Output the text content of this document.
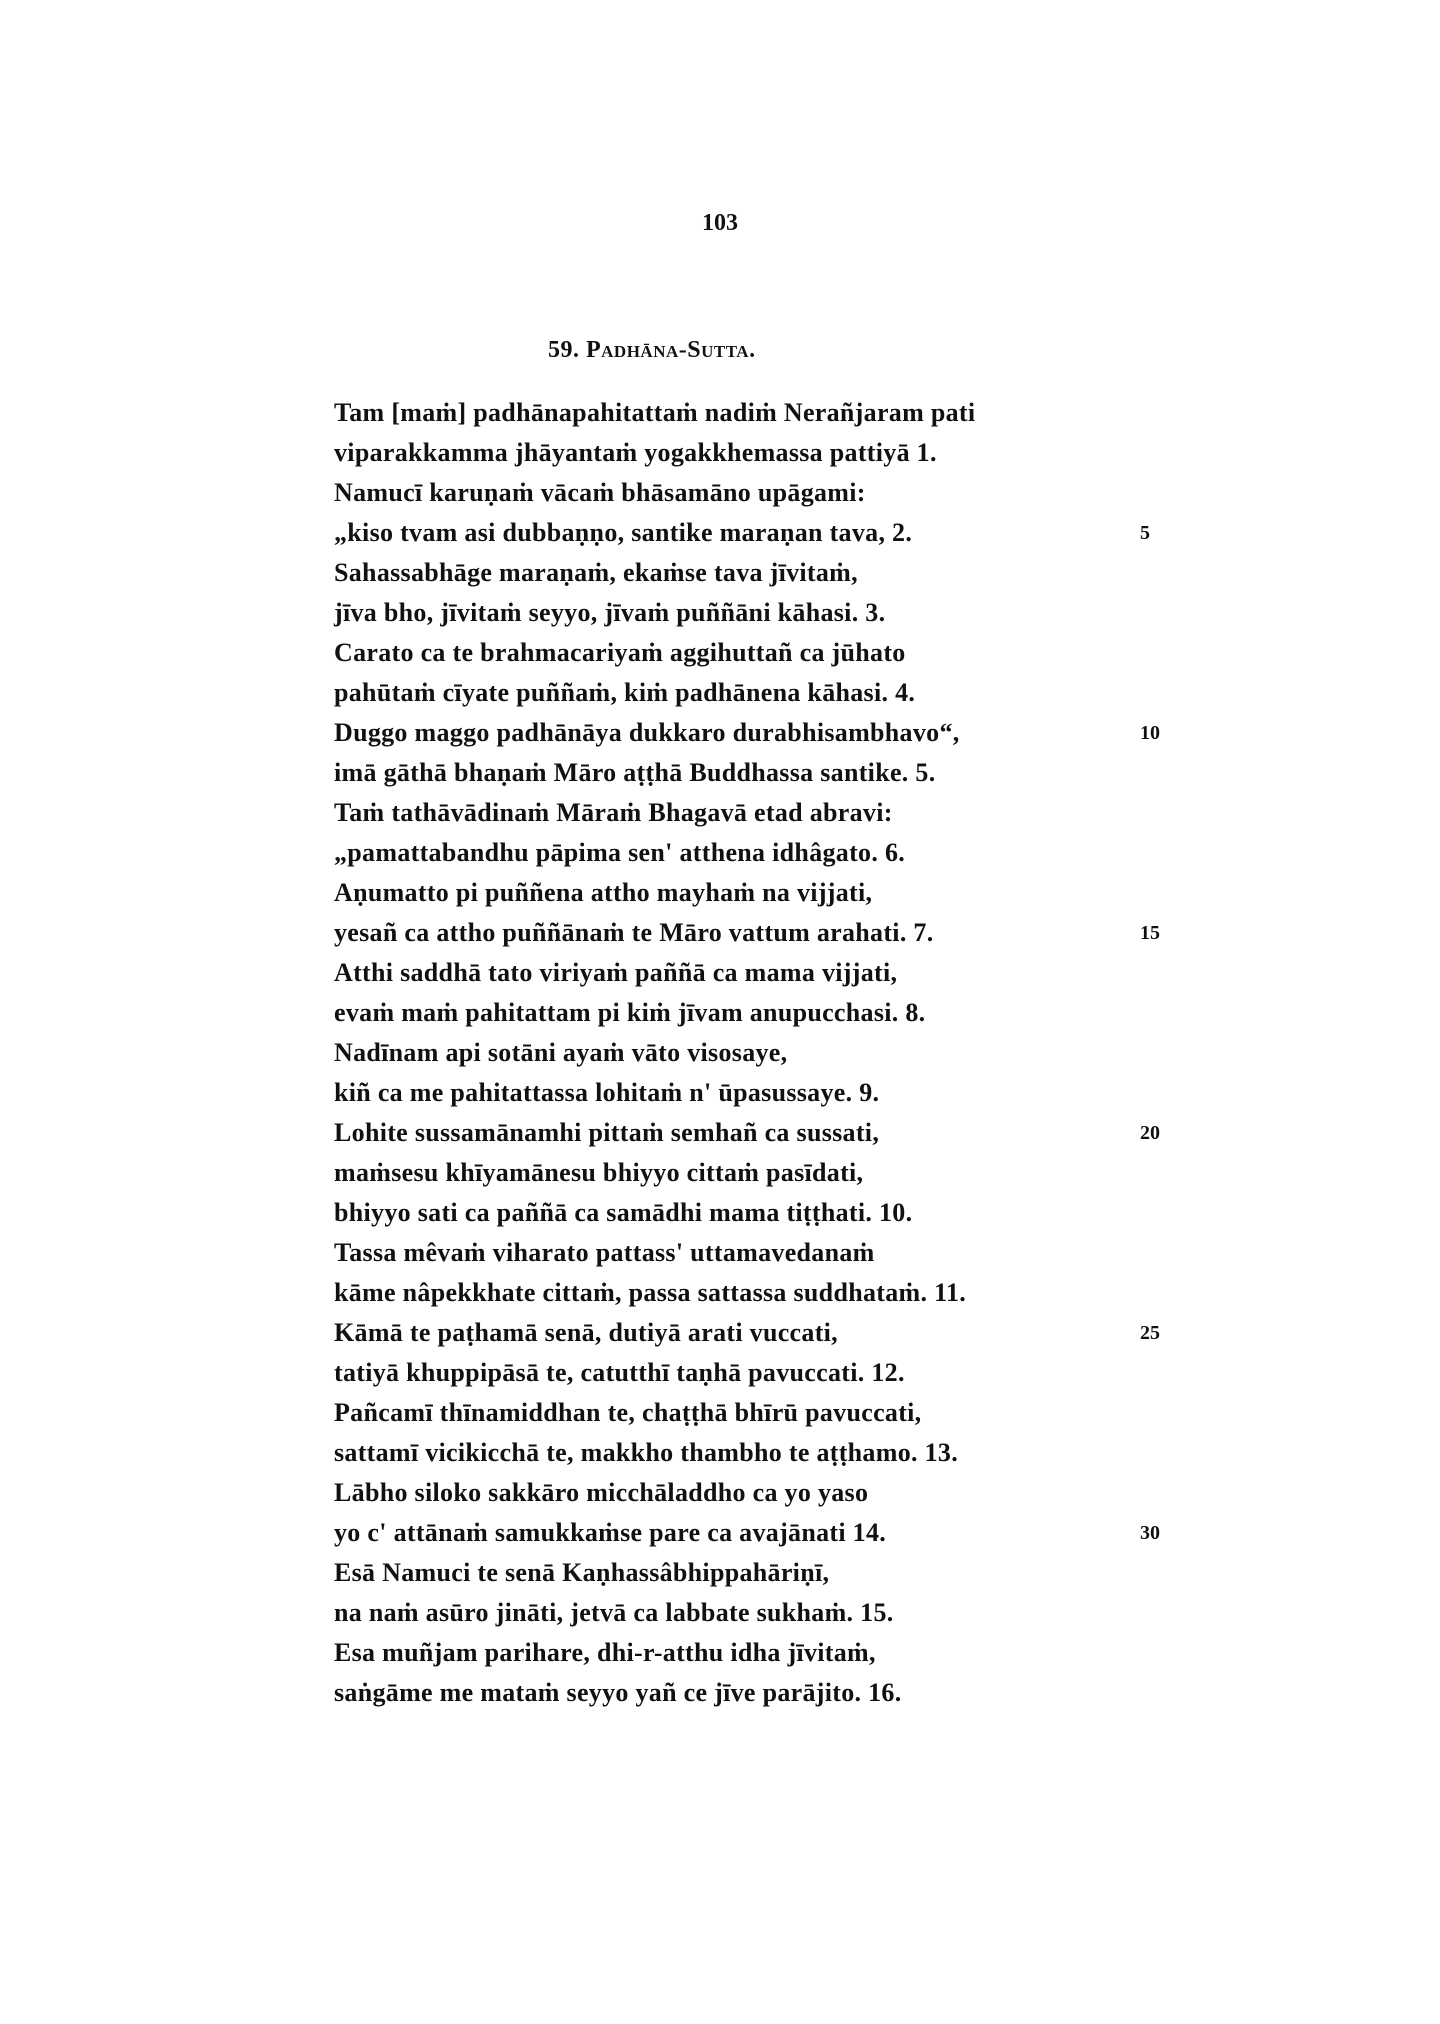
103
59. Padhāna-Sutta.
Tam [maṁ] padhānapahitattaṁ nadiṁ Nerañjaram pati
viparakkamma jhāyantaṁ yogakkhemassa pattiyā 1.
Namucī karuṇaṁ vācaṁ bhāsamāno upāgami:
„kiso tvam asi dubbaṇṇo, santike maraṇan tava, 2.
Sahassabhāge maraṇaṁ, ekaṁse tava jīvitaṁ,
jīva bho, jīvitaṁ seyyo, jīvaṁ puññāni kāhasi. 3.
Carato ca te brahmacariyaṁ aggihuttañ ca jūhato
pahūtaṁ cīyate puññaṁ, kiṁ padhānena kāhasi. 4.
Duggo maggo padhānāya dukkaro durabhisambhavo“,
imā gāthā bhaṇaṁ Māro aṭṭhā Buddhassa santike. 5.
Taṁ tathāvādinaṁ Māraṁ Bhagavā etad abravi:
„pamattabandhu pāpima sen' atthena idhâgato. 6.
Aṇumatto pi puññena attho mayhaṁ na vijjati,
yesañ ca attho puññānaṁ te Māro vattum arahati. 7.
Atthi saddhā tato viriyaṁ paññā ca mama vijjati,
evaṁ maṁ pahitattam pi kiṁ jīvam anupucchasi. 8.
Nadīnam api sotāni ayaṁ vāto visosaye,
kiñ ca me pahitattassa lohitaṁ n' ūpasussaye. 9.
Lohite sussamānamhi pittaṁ semhañ ca sussati,
maṁsesu khīyamānesu bhiyyo cittaṁ pasīdati,
bhiyyo sati ca paññā ca samādhi mama tiṭṭhati. 10.
Tassa mêvaṁ viharato pattass' uttamavedanaṁ
kāme nâpekkhate cittaṁ, passa sattassa suddhataṁ. 11.
Kāmā te paṭhamā senā, dutiyā arati vuccati,
tatiyā khuppipāsā te, catutthī taṇhā pavuccati. 12.
Pañcamī thīnamiddhan te, chaṭṭhā bhīrū pavuccati,
sattamī vicikicchā te, makkho thambho te aṭṭhamo. 13.
Lābho siloko sakkāro micchāladdho ca yo yaso
yo c' attānaṁ samukkaṁse pare ca avajānati 14.
Esā Namuci te senā Kaṇhassâbhippahāriṇī,
na naṁ asūro jināti, jetvā ca labbate sukhaṁ. 15.
Esa muñjam parihare, dhi-r-atthu idha jīvitaṁ,
saṅgāme me mataṁ seyyo yañ ce jīve parājito. 16.
5
10
15
20
25
30
